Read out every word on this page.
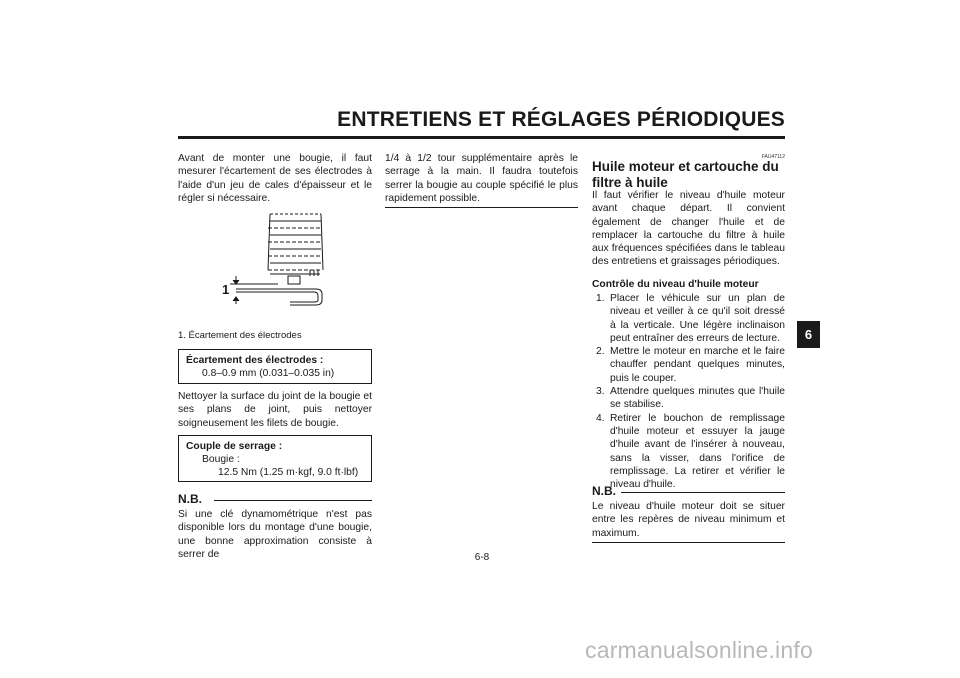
ENTRETIENS ET RÉGLAGES PÉRIODIQUES
Avant de monter une bougie, il faut mesurer l'écartement de ses électrodes à l'aide d'un jeu de cales d'épaisseur et le régler si nécessaire.
1
1. Écartement des électrodes
Écartement des électrodes :
0.8–0.9 mm (0.031–0.035 in)
Nettoyer la surface du joint de la bougie et ses plans de joint, puis nettoyer soigneusement les filets de bougie.
Couple de serrage :
Bougie :
12.5 Nm (1.25 m·kgf, 9.0 ft·lbf)
N.B.
Si une clé dynamométrique n'est pas disponible lors du montage d'une bougie, une bonne approximation consiste à serrer de
1/4 à 1/2 tour supplémentaire après le serrage à la main. Il faudra toutefois serrer la bougie au couple spécifié le plus rapidement possible.
FAU47112
Huile moteur et cartouche du filtre à huile
Il faut vérifier le niveau d'huile moteur avant chaque départ. Il convient également de changer l'huile et de remplacer la cartouche du filtre à huile aux fréquences spécifiées dans le tableau des entretiens et graissages périodiques.
Contrôle du niveau d'huile moteur
1. Placer le véhicule sur un plan de niveau et veiller à ce qu'il soit dressé à la verticale. Une légère inclinaison peut entraîner des erreurs de lecture.
2. Mettre le moteur en marche et le faire chauffer pendant quelques minutes, puis le couper.
3. Attendre quelques minutes que l'huile se stabilise.
4. Retirer le bouchon de remplissage d'huile moteur et essuyer la jauge d'huile avant de l'insérer à nouveau, sans la visser, dans l'orifice de remplissage. La retirer et vérifier le niveau d'huile.
N.B.
Le niveau d'huile moteur doit se situer entre les repères de niveau minimum et maximum.
6
6-8
carmanualsonline.info
